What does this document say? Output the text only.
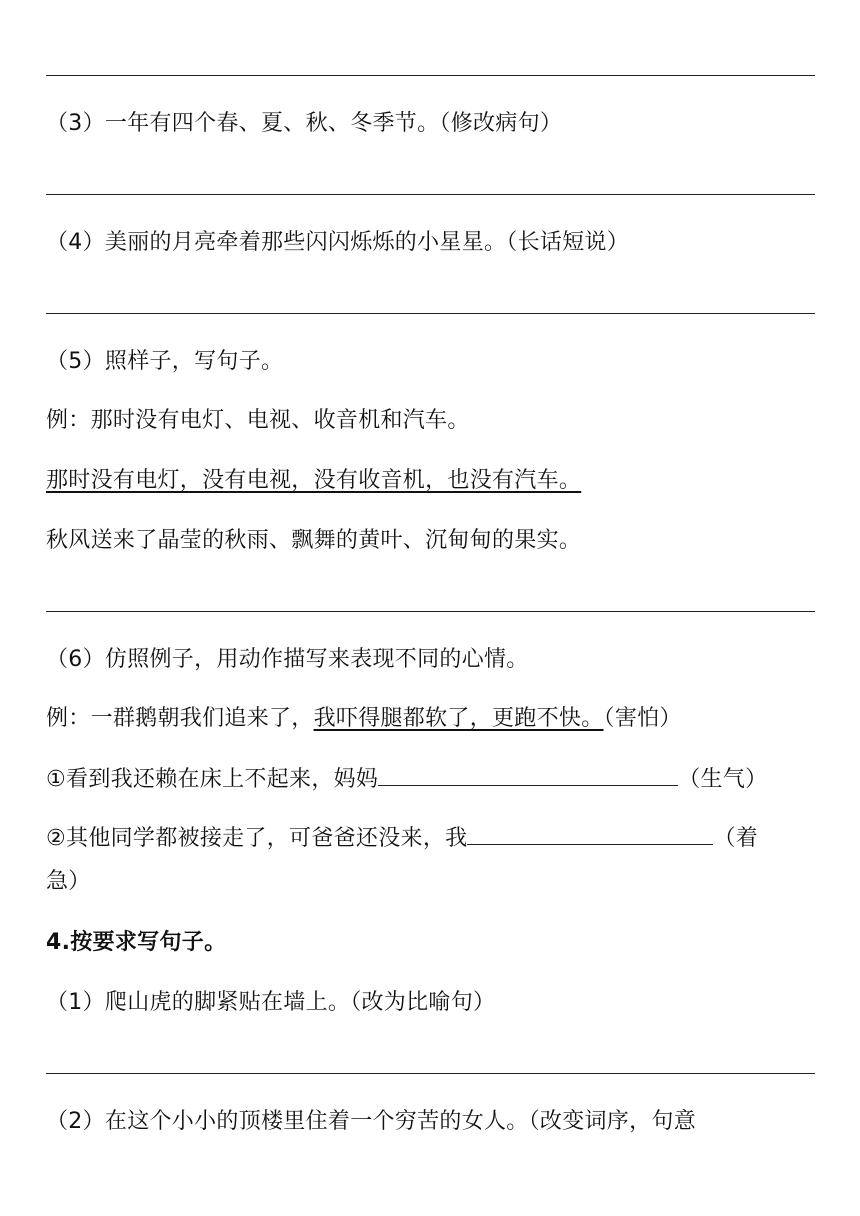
（3）一年有四个春、夏、秋、冬季节。（修改病句）
（4）美丽的月亮牵着那些闪闪烁烁的小星星。（长话短说）
（5）照样子，写句子。
例：那时没有电灯、电视、收音机和汽车。
那时没有电灯，没有电视，没有收音机，也没有汽车。
秋风送来了晶莹的秋雨、飘舞的黄叶、沉甸甸的果实。
（6）仿照例子，用动作描写来表现不同的心情。
例：一群鹅朝我们追来了，我吓得腿都软了，更跑不快。（害怕）
①看到我还赖在床上不起来，妈妈	（生气）
②其他同学都被接走了，可爸爸还没来，我	（着
急）
4.按要求写句子。
（1）爬山虎的脚紧贴在墙上。（改为比喻句）
（2）在这个小小的顶楼里住着一个穷苦的女人。（改变词序，句意
